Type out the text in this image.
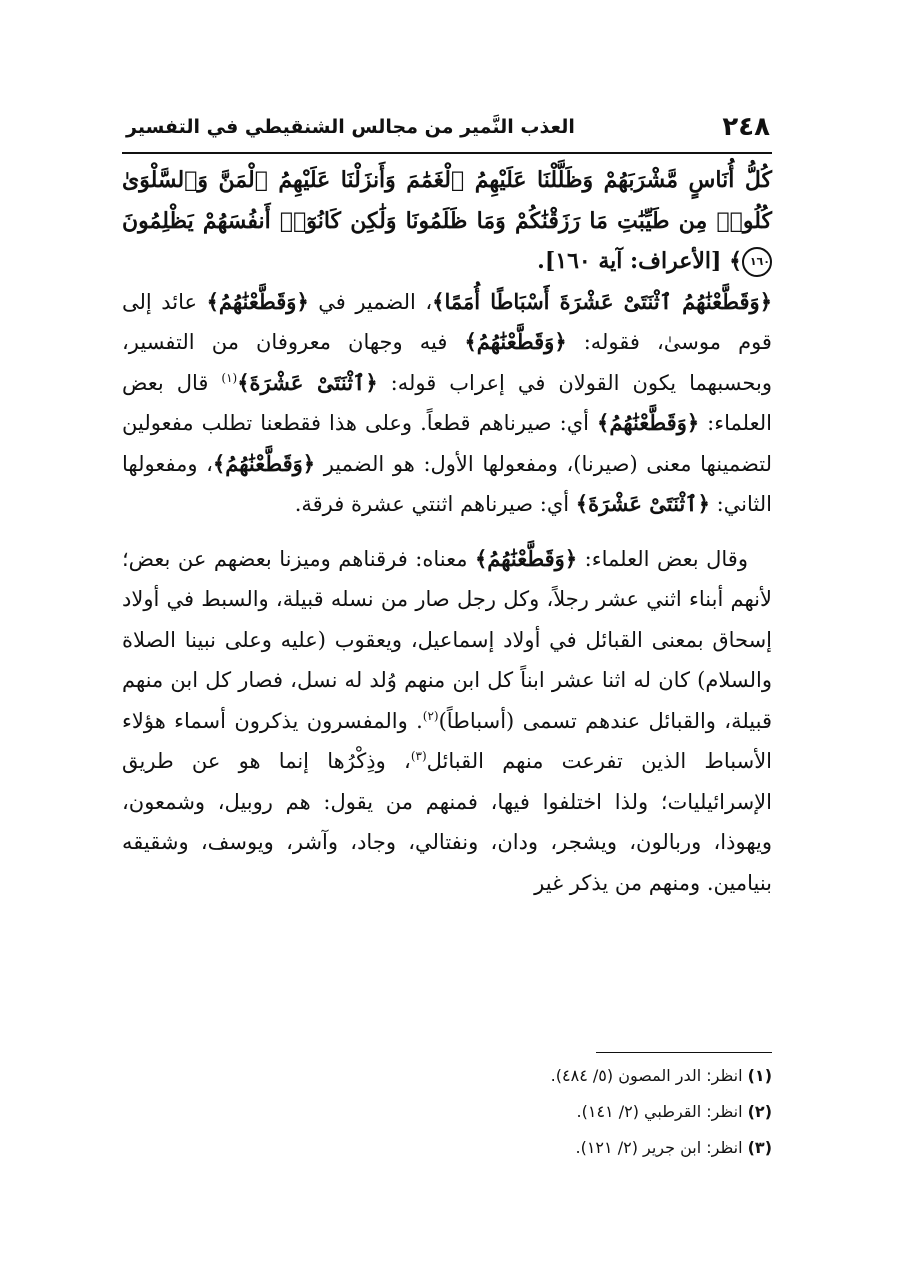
٢٤٨
العذب النَّمير من مجالس الشنقيطي في التفسير

كُلُّ أُنَاسٍ مَّشْرَبَهُمْ وَظَلَّلْنَا عَلَيْهِمُ ٱلْغَمَٰمَ وَأَنزَلْنَا عَلَيْهِمُ ٱلْمَنَّ وَٱلسَّلْوَىٰ كُلُوا۟ مِن طَيِّبَٰتِ مَا رَزَقْنَٰكُمْ وَمَا ظَلَمُونَا وَلَٰكِن كَانُوٓا۟ أَنفُسَهُمْ يَظْلِمُونَ ١٦٠﴾ [الأعراف: آية ١٦٠].

﴿وَقَطَّعْنَٰهُمُ ٱثْنَتَىْ عَشْرَةَ أَسْبَاطًا أُمَمًا﴾، الضمير في ﴿وَقَطَّعْنَٰهُمُ﴾ عائد إلى قوم موسىٰ، فقوله: ﴿وَقَطَّعْنَٰهُمُ﴾ فيه وجهان معروفان من التفسير، وبحسبهما يكون القولان في إعراب قوله: ﴿ٱثْنَتَىْ عَشْرَةَ﴾$^{(١)}$ قال بعض العلماء: ﴿وَقَطَّعْنَٰهُمُ﴾ أي: صيرناهم قطعاً. وعلى هذا فقطعنا تطلب مفعولين لتضمينها معنى (صيرنا)، ومفعولها الأول: هو الضمير ﴿وَقَطَّعْنَٰهُمُ﴾، ومفعولها الثاني: ﴿ٱثْنَتَىْ عَشْرَةَ﴾ أي: صيرناهم اثنتي عشرة فرقة.

وقال بعض العلماء: ﴿وَقَطَّعْنَٰهُمُ﴾ معناه: فرقناهم وميزنا بعضهم عن بعض؛ لأنهم أبناء اثني عشر رجلاً، وكل رجل صار من نسله قبيلة، والسبط في أولاد إسحاق بمعنى القبائل في أولاد إسماعيل، ويعقوب (عليه وعلى نبينا الصلاة والسلام) كان له اثنا عشر ابناً كل ابن منهم وُلد له نسل، فصار كل ابن منهم قبيلة، والقبائل عندهم تسمى (أسباطاً)$^{(٢)}$. والمفسرون يذكرون أسماء هؤلاء الأسباط الذين تفرعت منهم القبائل$^{(٣)}$، وذِكْرُها إنما هو عن طريق الإسرائيليات؛ ولذا اختلفوا فيها، فمنهم من يقول: هم روبيل، وشمعون، ويهوذا، وربالون، ويشجر، ودان، ونفتالي، وجاد، وآشر، ويوسف، وشقيقه بنيامين. ومنهم من يذكر غير

(١) انظر: الدر المصون (٥/ ٤٨٤).
(٢) انظر: القرطبي (٢/ ١٤١).
(٣) انظر: ابن جرير (٢/ ١٢١).
